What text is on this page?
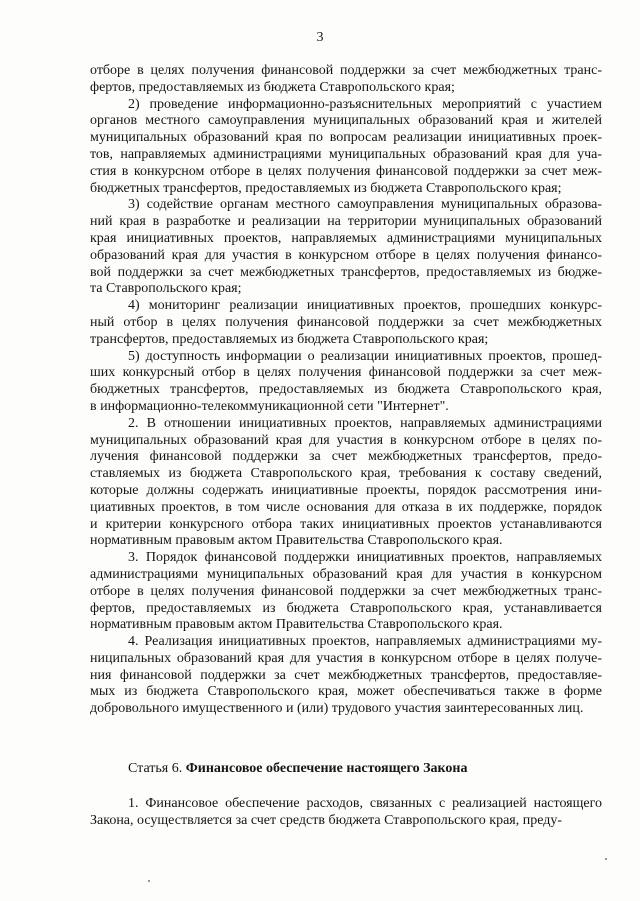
3
отборе в целях получения финансовой поддержки за счет межбюджетных транс-
фертов, предоставляемых из бюджета Ставропольского края;
2) проведение информационно-разъяснительных мероприятий с участием
органов местного самоуправления муниципальных образований края и жителей
муниципальных образований края по вопросам реализации инициативных проек-
тов, направляемых администрациями муниципальных образований края для уча-
стия в конкурсном отборе в целях получения финансовой поддержки за счет меж-
бюджетных трансфертов, предоставляемых из бюджета Ставропольского края;
3) содействие органам местного самоуправления муниципальных образова-
ний края в разработке и реализации на территории муниципальных образований
края инициативных проектов, направляемых администрациями муниципальных
образований края для участия в конкурсном отборе в целях получения финансо-
вой поддержки за счет межбюджетных трансфертов, предоставляемых из бюдже-
та Ставропольского края;
4) мониторинг реализации инициативных проектов, прошедших конкурс-
ный отбор в целях получения финансовой поддержки за счет межбюджетных
трансфертов, предоставляемых из бюджета Ставропольского края;
5) доступность информации о реализации инициативных проектов, прошед-
ших конкурсный отбор в целях получения финансовой поддержки за счет меж-
бюджетных трансфертов, предоставляемых из бюджета Ставропольского края,
в информационно-телекоммуникационной сети "Интернет".
2. В отношении инициативных проектов, направляемых администрациями
муниципальных образований края для участия в конкурсном отборе в целях по-
лучения финансовой поддержки за счет межбюджетных трансфертов, предо-
ставляемых из бюджета Ставропольского края, требования к составу сведений,
которые должны содержать инициативные проекты, порядок рассмотрения ини-
циативных проектов, в том числе основания для отказа в их поддержке, порядок
и критерии конкурсного отбора таких инициативных проектов устанавливаются
нормативным правовым актом Правительства Ставропольского края.
3. Порядок финансовой поддержки инициативных проектов, направляемых
администрациями муниципальных образований края для участия в конкурсном
отборе в целях получения финансовой поддержки за счет межбюджетных транс-
фертов, предоставляемых из бюджета Ставропольского края, устанавливается
нормативным правовым актом Правительства Ставропольского края.
4. Реализация инициативных проектов, направляемых администрациями му-
ниципальных образований края для участия в конкурсном отборе в целях получе-
ния финансовой поддержки за счет межбюджетных трансфертов, предоставляе-
мых из бюджета Ставропольского края, может обеспечиваться также в форме
добровольного имущественного и (или) трудового участия заинтересованных лиц.
Статья 6. Финансовое обеспечение настоящего Закона
1. Финансовое обеспечение расходов, связанных с реализацией настоящего
Закона, осуществляется за счет средств бюджета Ставропольского края, преду-
